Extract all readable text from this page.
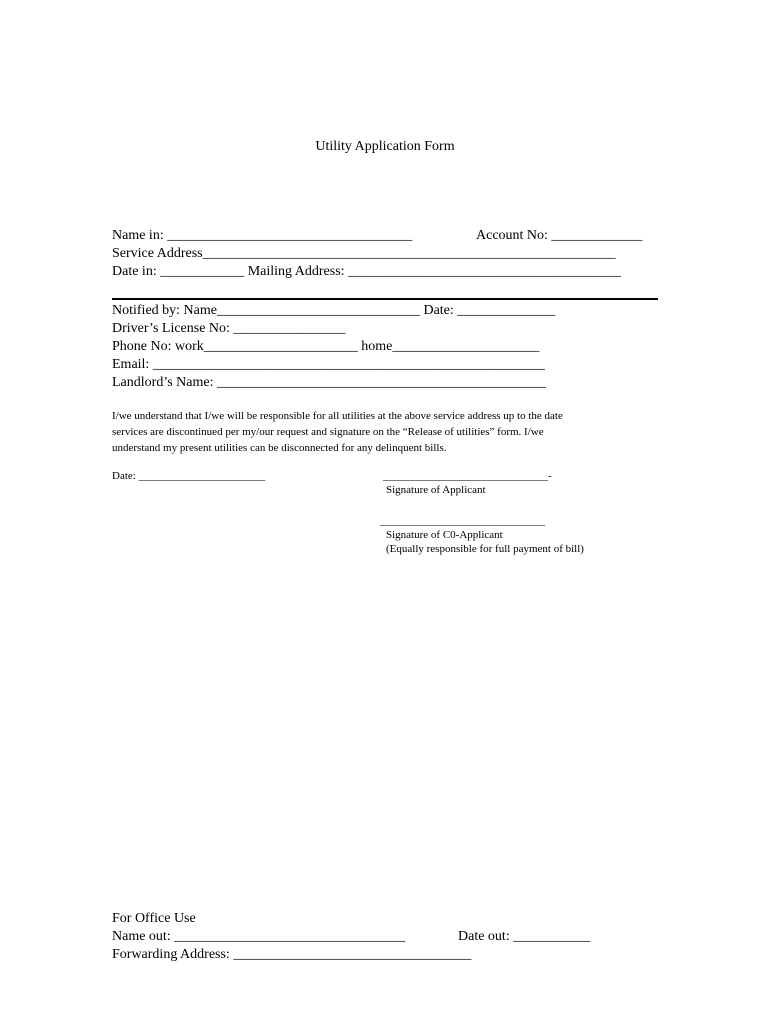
Utility Application Form
Name in: ___________________________________	Account No: _____________
Service Address___________________________________________________________
Date in: ____________ Mailing Address: _______________________________________
Notified by: Name_____________________________ Date: ______________
Driver’s License No: ________________
Phone No: work______________________ home_____________________
Email: ________________________________________________________
Landlord’s Name: _______________________________________________
I/we understand that I/we will be responsible for all utilities at the above service address up to the date
services are discontinued per my/our request and signature on the “Release of utilities” form. I/we
understand my present utilities can be disconnected for any delinquent bills.
Date: _______________________	______________________________-
Signature of Applicant
______________________________
Signature of C0-Applicant
(Equally responsible for full payment of bill)
For Office Use
Name out: _________________________________	Date out: ___________
Forwarding Address: __________________________________
